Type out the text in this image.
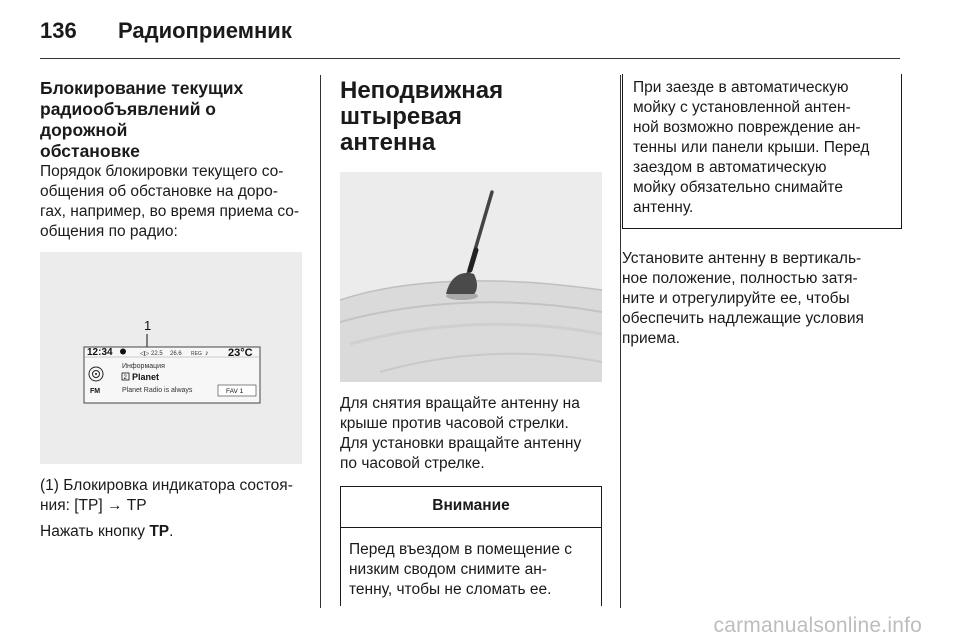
136 Радиоприемник

Блокирование текущих
радиообъявлений о дорожной
обстановке

Порядок блокировки текущего со-
общения об обстановке на доро-
гах, например, во время приема со-
общения по радио:

1
12:34	◁▷ 22.5 26.6 REG ♪ 23°C
FM
Информация
2 Planet
Planet Radio is always	FAV 1

(1) Блокировка индикатора состоя-
ния: [TP] → TP

Нажать кнопку TP.

Неподвижная штыревая
антенна

Для снятия вращайте антенну на
крыше против часовой стрелки.
Для установки вращайте антенну
по часовой стрелке.

Внимание

Перед въездом в помещение с
низким сводом снимите ан-
тенну, чтобы не сломать ее.

При заезде в автоматическую
мойку с установленной антен-
ной возможно повреждение ан-
тенны или панели крыши. Перед
заездом в автоматическую
мойку обязательно снимайте
антенну.

Установите антенну в вертикаль-
ное положение, полностью затя-
ните и отрегулируйте ее, чтобы
обеспечить надлежащие условия
приема.

carmanualsonline.info
